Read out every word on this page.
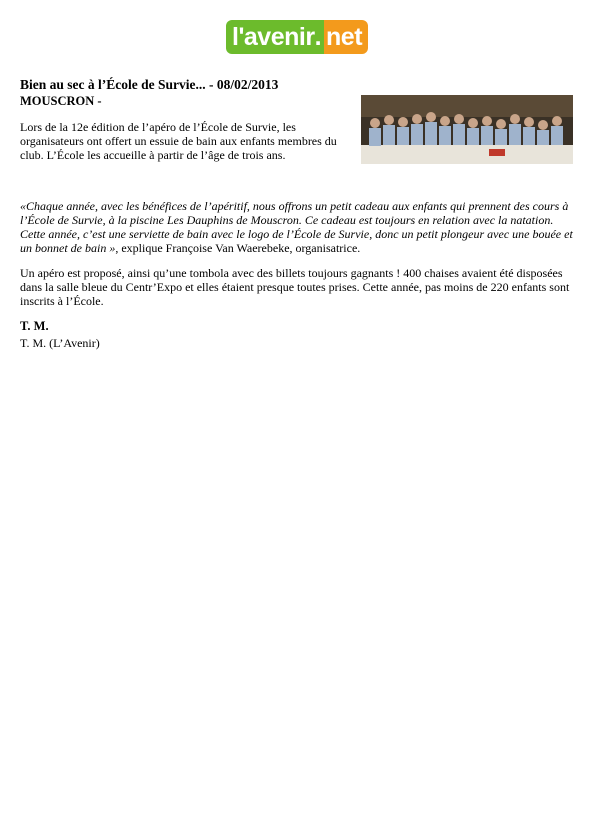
l'avenir . net
Bien au sec à l’École de Survie... - 08/02/2013
MOUSCRON -

Lors de la 12e édition de l’apéro de l’École de Survie, les organisateurs ont offert un essuie de bain aux enfants membres du club. L’École les accueille à partir de l’âge de trois ans.

«Chaque année, avec les bénéfices de l’apéritif, nous offrons un petit cadeau aux enfants qui prennent des cours à l’École de Survie, à la piscine Les Dauphins de Mouscron. Ce cadeau est toujours en relation avec la natation. Cette année, c’est une serviette de bain avec le logo de l’École de Survie, donc un petit plongeur avec une bouée et un bonnet de bain », explique Françoise Van Waerebeke, organisatrice.

Un apéro est proposé, ainsi qu’une tombola avec des billets toujours gagnants ! 400 chaises avaient été disposées dans la salle bleue du Centr’Expo et elles étaient presque toutes prises. Cette année, pas moins de 220 enfants sont inscrits à l’École.

T. M.
T. M. (L’Avenir)
